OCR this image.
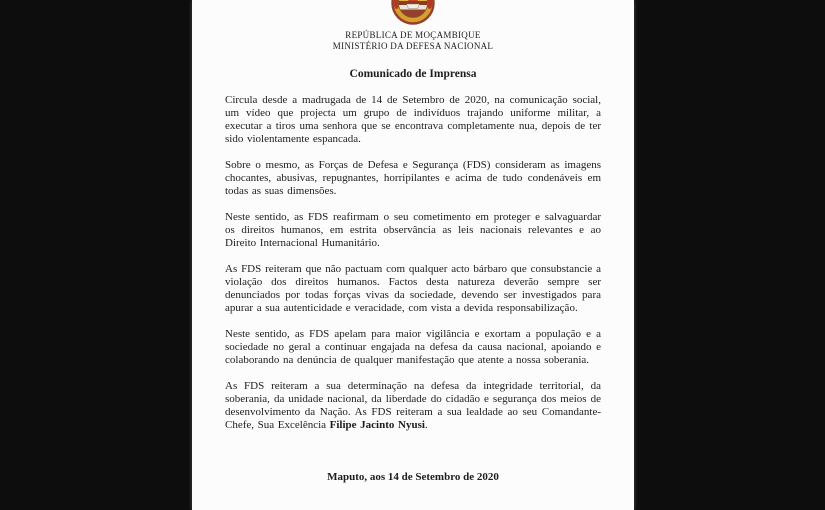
REPÚBLICA DE MOÇAMBIQUE
MINISTÉRIO DA DEFESA NACIONAL
Comunicado de Imprensa

Circula desde a madrugada de 14 de Setembro de 2020, na comunicação social, um vídeo que projecta um grupo de indivíduos trajando uniforme militar, a executar a tiros uma senhora que se encontrava completamente nua, depois de ter sido violentamente espancada.

Sobre o mesmo, as Forças de Defesa e Segurança (FDS) consideram as imagens chocantes, abusivas, repugnantes, horripilantes e acima de tudo condenáveis em todas as suas dimensões.

Neste sentido, as FDS reafirmam o seu cometimento em proteger e salvaguardar os direitos humanos, em estrita observância as leis nacionais relevantes e ao Direito Internacional Humanitário.

As FDS reiteram que não pactuam com qualquer acto bárbaro que consubstancie a violação dos direitos humanos. Factos desta natureza deverão sempre ser denunciados por todas forças vivas da sociedade, devendo ser investigados para apurar a sua autenticidade e veracidade, com vista a devida responsabilização.

Neste sentido, as FDS apelam para maior vigilância e exortam a população e a sociedade no geral a continuar engajada na defesa da causa nacional, apoiando e colaborando na denúncia de qualquer manifestação que atente a nossa soberania.

As FDS reiteram a sua determinação na defesa da integridade territorial, da soberania, da unidade nacional, da liberdade do cidadão e segurança dos meios de desenvolvimento da Nação. As FDS reiteram a sua lealdade ao seu Comandante-Chefe, Sua Excelência Filipe Jacinto Nyusi.

Maputo, aos 14 de Setembro de 2020
